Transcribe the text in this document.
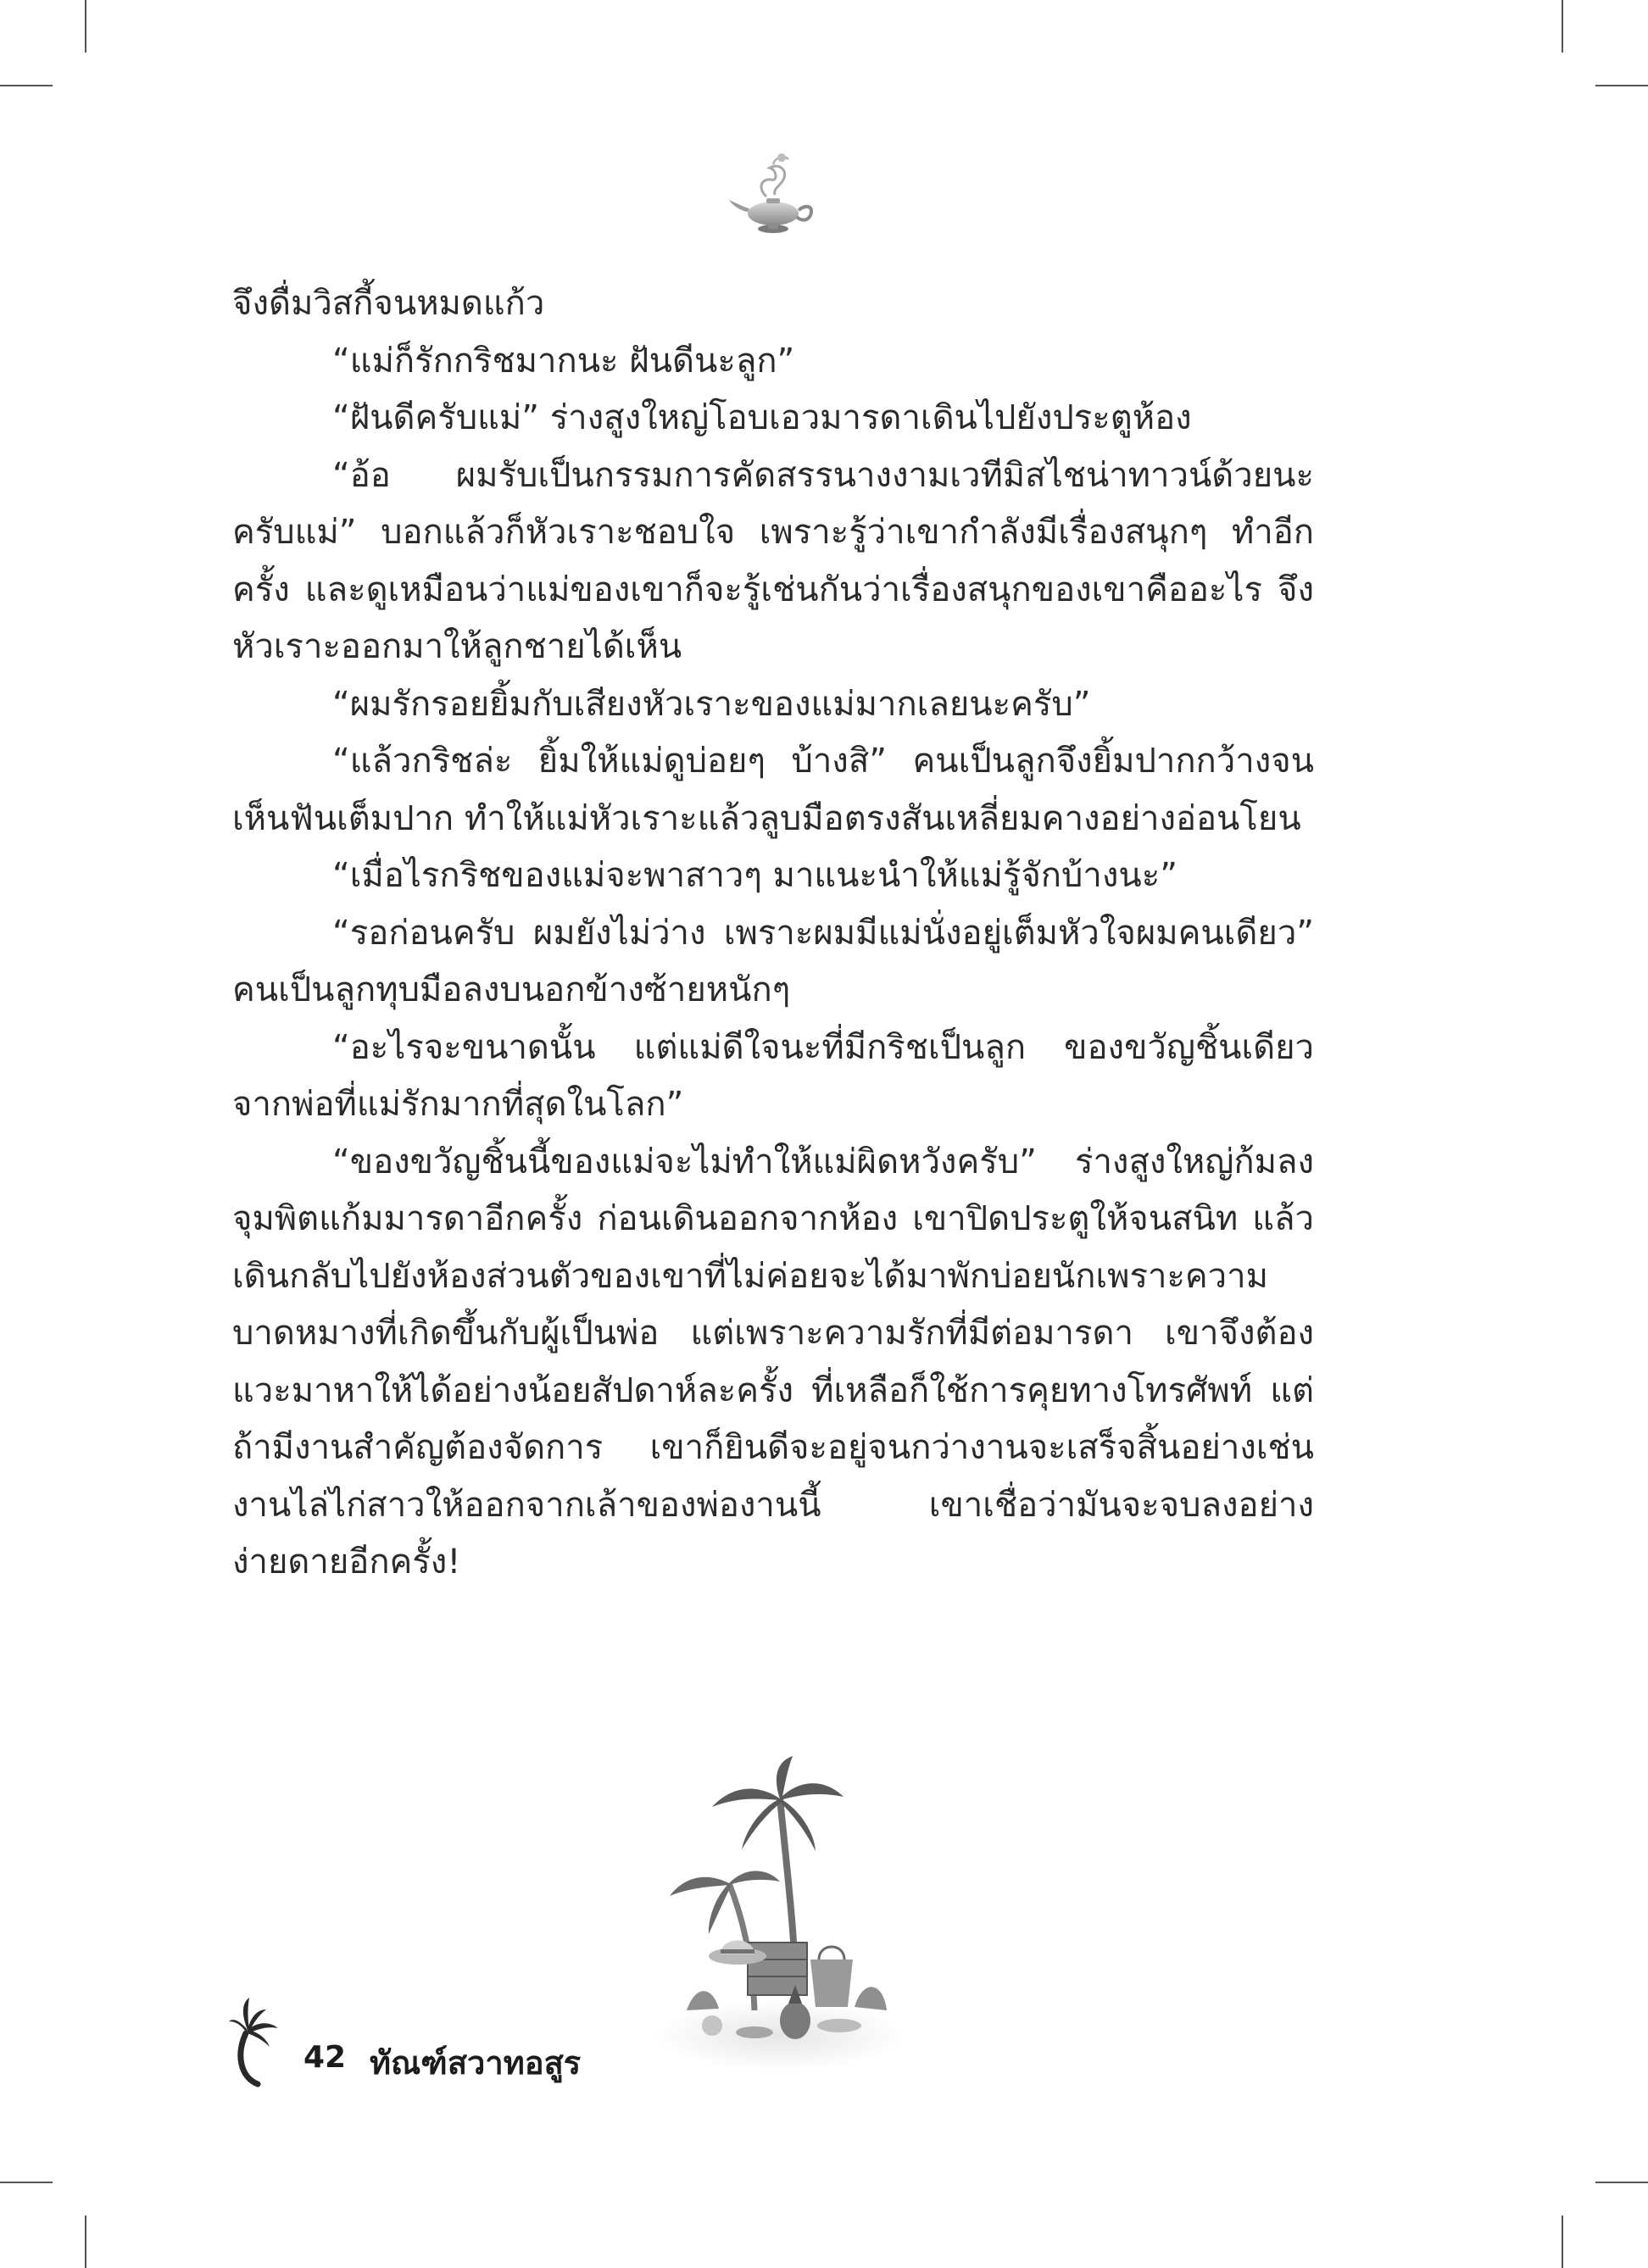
จึงดื่มวิสกี้จนหมดแก้ว

“แม่ก็รักกริชมากนะ ฝันดีนะลูก”

“ฝันดีครับแม่” ร่างสูงใหญ่โอบเอวมารดาเดินไปยังประตูห้อง

“อ้อ ผมรับเป็นกรรมการคัดสรรนางงามเวทีมิสไชน่าทาวน์ด้วยนะครับแม่” บอกแล้วก็หัวเราะชอบใจ เพราะรู้ว่าเขากำลังมีเรื่องสนุกๆ ทำอีกครั้ง และดูเหมือนว่าแม่ของเขาก็จะรู้เช่นกันว่าเรื่องสนุกของเขาคืออะไร จึงหัวเราะออกมาให้ลูกชายได้เห็น

“ผมรักรอยยิ้มกับเสียงหัวเราะของแม่มากเลยนะครับ”

“แล้วกริชล่ะ ยิ้มให้แม่ดูบ่อยๆ บ้างสิ” คนเป็นลูกจึงยิ้มปากกว้างจนเห็นฟันเต็มปาก ทำให้แม่หัวเราะแล้วลูบมือตรงสันเหลี่ยมคางอย่างอ่อนโยน

“เมื่อไรกริชของแม่จะพาสาวๆ มาแนะนำให้แม่รู้จักบ้างนะ”

“รอก่อนครับ ผมยังไม่ว่าง เพราะผมมีแม่นั่งอยู่เต็มหัวใจผมคนเดียว” คนเป็นลูกทุบมือลงบนอกข้างซ้ายหนักๆ

“อะไรจะขนาดนั้น แต่แม่ดีใจนะที่มีกริชเป็นลูก ของขวัญชิ้นเดียวจากพ่อที่แม่รักมากที่สุดในโลก”

“ของขวัญชิ้นนี้ของแม่จะไม่ทำให้แม่ผิดหวังครับ” ร่างสูงใหญ่ก้มลงจุมพิตแก้มมารดาอีกครั้ง ก่อนเดินออกจากห้อง เขาปิดประตูให้จนสนิท แล้วเดินกลับไปยังห้องส่วนตัวของเขาที่ไม่ค่อยจะได้มาพักบ่อยนักเพราะความบาดหมางที่เกิดขึ้นกับผู้เป็นพ่อ แต่เพราะความรักที่มีต่อมารดา เขาจึงต้องแวะมาหาให้ได้อย่างน้อยสัปดาห์ละครั้ง ที่เหลือก็ใช้การคุยทางโทรศัพท์ แต่ถ้ามีงานสำคัญต้องจัดการ เขาก็ยินดีจะอยู่จนกว่างานจะเสร็จสิ้นอย่างเช่นงานไล่ไก่สาวให้ออกจากเล้าของพ่องานนี้ เขาเชื่อว่ามันจะจบลงอย่างง่ายดายอีกครั้ง!

42 ทัณฑ์สวาทอสูร
